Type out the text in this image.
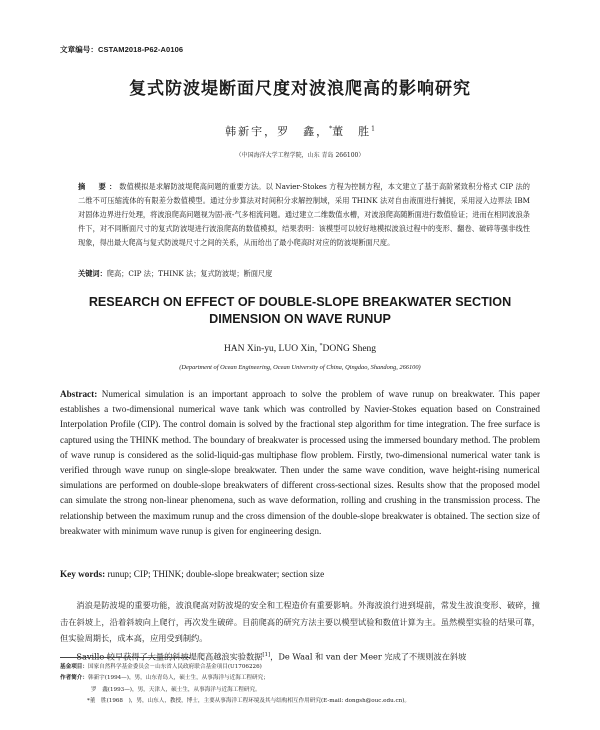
文章编号：CSTAM2018-P62-A0106
复式防波堤断面尺度对波浪爬高的影响研究
韩新宇，罗　鑫，*董　胜$^1$
（中国海洋大学工程学院，山东 青岛 266100）
摘　要：数值模拟是求解防波堤爬高问题的重要方法。以 Navier-Stokes 方程为控制方程，本文建立了基于高阶紧致积分格式 CIP 法的二维不可压缩流体的有限差分数值模型。通过分步算法对时间积分求解控制域，采用 THINK 法对自由液面进行捕捉，采用浸入边界法 IBM 对固体边界进行处理，将波浪爬高问题视为固-液-气多相流问题。通过建立二维数值水槽，对波浪爬高随断面进行数值验证；进而在相同波浪条件下，对不同断面尺寸的复式防波堤进行波浪爬高的数值模拟，结果表明：该模型可以较好地模拟波浪过程中的变形、翻卷、破碎等强非线性现象，得出最大爬高与复式防波堤尺寸之间的关系，从而给出了最小爬高时对应的防波堤断面尺度。
关键词：爬高；CIP 法；THINK 法；复式防波堤；断面尺度
RESEARCH ON EFFECT OF DOUBLE-SLOPE BREAKWATER SECTION
DIMENSION ON WAVE RUNUP
HAN Xin-yu, LUO Xin, *DONG Sheng
(Department of Ocean Engineering, Ocean University of China, Qingdao, Shandong, 266100)
Abstract: Numerical simulation is an important approach to solve the problem of wave runup on breakwater. This paper establishes a two-dimensional numerical wave tank which was controlled by Navier-Stokes equation based on Constrained Interpolation Profile (CIP). The control domain is solved by the fractional step algorithm for time integration. The free surface is captured using the THINK method. The boundary of breakwater is processed using the immersed boundary method. The problem of wave runup is considered as the solid-liquid-gas multiphase flow problem. Firstly, two-dimensional numerical water tank is verified through wave runup on single-slope breakwater. Then under the same wave condition, wave height-rising numerical simulations are performed on double-slope breakwaters of different cross-sectional sizes. Results show that the proposed model can simulate the strong non-linear phenomena, such as wave deformation, rolling and crushing in the transmission process. The relationship between the maximum runup and the cross dimension of the double-slope breakwater is obtained. The section size of breakwater with minimum wave runup is given for engineering design.
Key words: runup; CIP; THINK; double-slope breakwater; section size

消浪是防波堤的重要功能，波浪爬高对防波堤的安全和工程造价有重要影响。外海波浪行进到堤前，常发生波浪变形、破碎，撞击在斜坡上，沿着斜坡向上爬行，再次发生破碎。目前爬高的研究方法主要以模型试验和数值计算为主。虽然模型实验的结果可靠，但实验周期长，成本高，应用受到制约。

Saville 较早获得了大量的斜坡堤爬高越浪实验数据[1]，De Waal 和 van der Meer 完成了不规则波在斜坡

基金项目：国家自然科学基金委员会－山东省人民政府联合基金项目(U1706226)
作者简介：韩新宇(1994—)，男，山东青岛人，硕士生，从事海洋与近海工程研究；
罗　鑫(1993—)，男，天津人，硕士生，从事海洋与近海工程研究。
*董　胜(1968　)，男，山东人，教授，博士，主要从事海洋工程环境及其与结构相互作用研究(E-mail: dongsh@ouc.edu.cn)。
